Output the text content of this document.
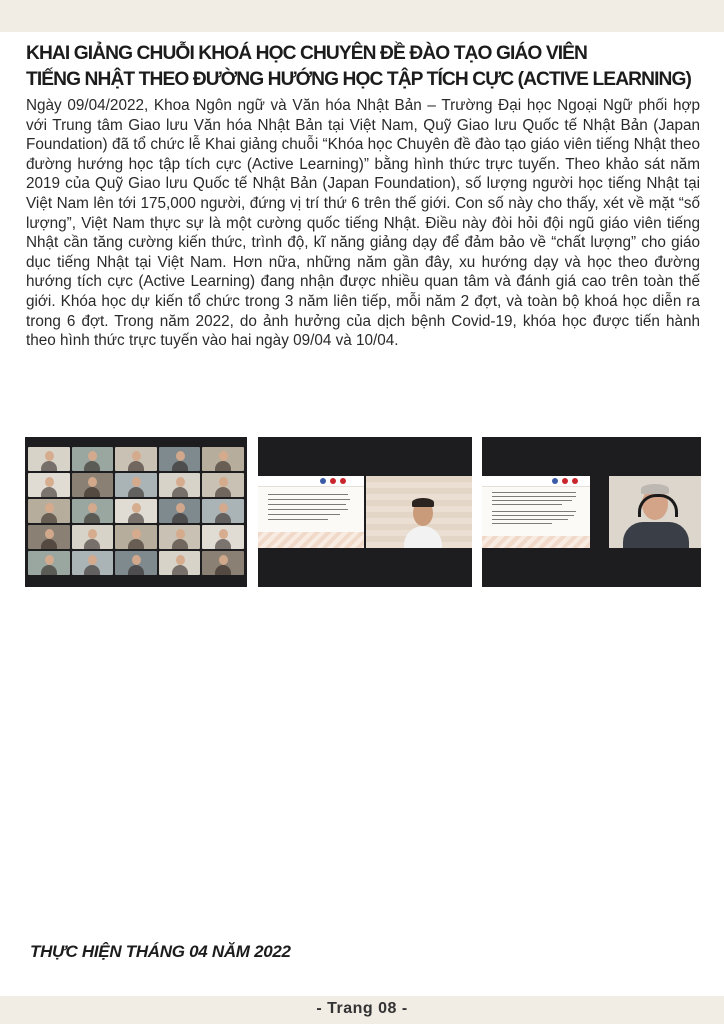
KHAI GIẢNG CHUỖI KHOÁ HỌC CHUYÊN ĐỀ ĐÀO TẠO GIÁO VIÊN
TIẾNG NHẬT THEO ĐƯỜNG HƯỚNG HỌC TẬP TÍCH CỰC (ACTIVE LEARNING)

Ngày 09/04/2022, Khoa Ngôn ngữ và Văn hóa Nhật Bản – Trường Đại học Ngoại Ngữ phối hợp với Trung tâm Giao lưu Văn hóa Nhật Bản tại Việt Nam, Quỹ Giao lưu Quốc tế Nhật Bản (Japan Foundation) đã tổ chức lễ Khai giảng chuỗi “Khóa học Chuyên đề đào tạo giáo viên tiếng Nhật theo đường hướng học tập tích cực (Active Learning)” bằng hình thức trực tuyến. Theo khảo sát năm 2019 của Quỹ Giao lưu Quốc tế Nhật Bản (Japan Foundation), số lượng người học tiếng Nhật tại Việt Nam lên tới 175,000 người, đứng vị trí thứ 6 trên thế giới. Con số này cho thấy, xét về mặt “số lượng”, Việt Nam thực sự là một cường quốc tiếng Nhật. Điều này đòi hỏi đội ngũ giáo viên tiếng Nhật cần tăng cường kiến thức, trình độ, kĩ năng giảng dạy để đảm bảo về “chất lượng” cho giáo dục tiếng Nhật tại Việt Nam. Hơn nữa, những năm gần đây, xu hướng dạy và học theo đường hướng tích cực (Active Learning) đang nhận được nhiều quan tâm và đánh giá cao trên toàn thế giới. Khóa học dự kiến tổ chức trong 3 năm liên tiếp, mỗi năm 2 đợt, và toàn bộ khoá học diễn ra trong 6 đợt. Trong năm 2022, do ảnh hưởng của dịch bệnh Covid-19, khóa học được tiến hành theo hình thức trực tuyến vào hai ngày 09/04 và 10/04.

THỰC HIỆN THÁNG 04 NĂM 2022

- Trang 08 -
